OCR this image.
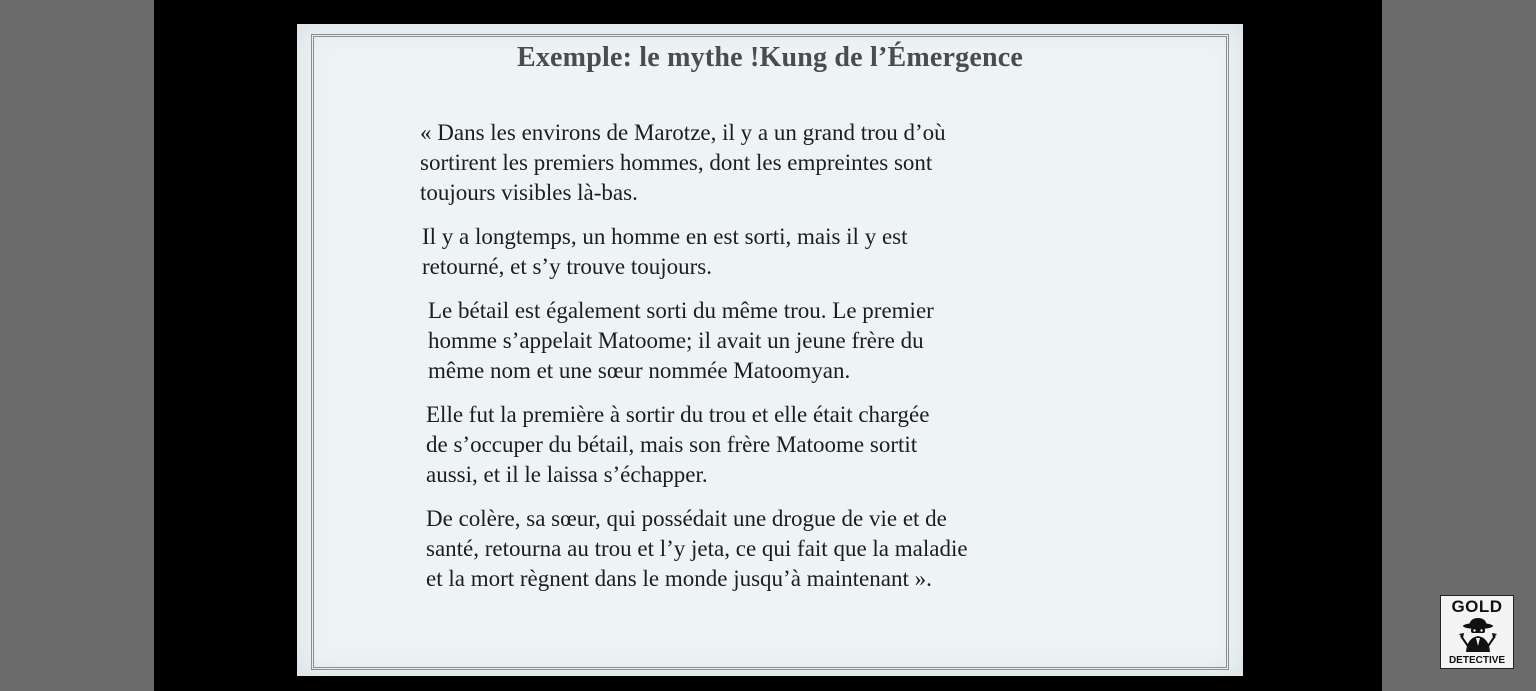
Exemple: le mythe !Kung de l’Émergence

« Dans les environs de Marotze, il y a un grand trou d’où
sortirent les premiers hommes, dont les empreintes sont
toujours visibles là-bas.

Il y a longtemps, un homme en est sorti, mais il y est
retourné, et s’y trouve toujours.

Le bétail est également sorti du même trou. Le premier
homme s’appelait Matoome; il avait un jeune frère du
même nom et une sœur nommée Matoomyan.

Elle fut la première à sortir du trou et elle était chargée
de s’occuper du bétail, mais son frère Matoome sortit
aussi, et il le laissa s’échapper.

De colère, sa sœur, qui possédait une drogue de vie et de
santé, retourna au trou et l’y jeta, ce qui fait que la maladie
et la mort règnent dans le monde jusqu’à maintenant ».

GOLD
DETECTIVE
